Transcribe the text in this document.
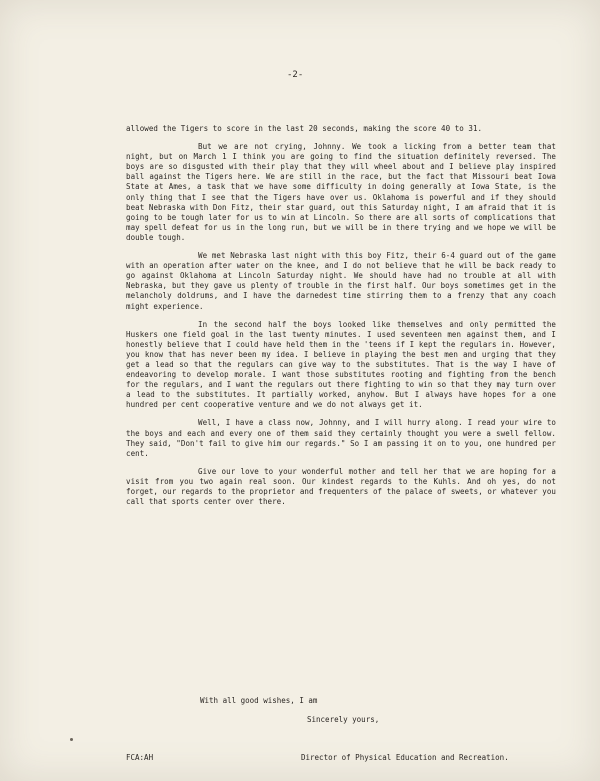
-2-

allowed the Tigers to score in the last 20 seconds, making the score 40 to 31.

But we are not crying, Johnny. We took a licking from a better team that night, but on March 1 I think you are going to find the situation definitely reversed. The boys are so disgusted with their play that they will wheel about and I believe play inspired ball against the Tigers here. We are still in the race, but the fact that Missouri beat Iowa State at Ames, a task that we have some difficulty in doing generally at Iowa State, is the only thing that I see that the Tigers have over us. Oklahoma is powerful and if they should beat Nebraska with Don Fitz, their star guard, out this Saturday night, I am afraid that it is going to be tough later for us to win at Lincoln. So there are all sorts of complications that may spell defeat for us in the long run, but we will be in there trying and we hope we will be double tough.

We met Nebraska last night with this boy Fitz, their 6-4 guard out of the game with an operation after water on the knee, and I do not believe that he will be back ready to go against Oklahoma at Lincoln Saturday night. We should have had no trouble at all with Nebraska, but they gave us plenty of trouble in the first half. Our boys sometimes get in the melancholy doldrums, and I have the darnedest time stirring them to a frenzy that any coach might experience.

In the second half the boys looked like themselves and only permitted the Huskers one field goal in the last twenty minutes. I used seventeen men against them, and I honestly believe that I could have held them in the 'teens if I kept the regulars in. However, you know that has never been my idea. I believe in playing the best men and urging that they get a lead so that the regulars can give way to the substitutes. That is the way I have of endeavoring to develop morale. I want those substitutes rooting and fighting from the bench for the regulars, and I want the regulars out there fighting to win so that they may turn over a lead to the substitutes. It partially worked, anyhow. But I always have hopes for a one hundred per cent cooperative venture and we do not always get it.

Well, I have a class now, Johnny, and I will hurry along. I read your wire to the boys and each and every one of them said they certainly thought you were a swell fellow. They said, "Don't fail to give him our regards." So I am passing it on to you, one hundred per cent.

Give our love to your wonderful mother and tell her that we are hoping for a visit from you two again real soon. Our kindest regards to the Kuhls. And oh yes, do not forget, our regards to the proprietor and frequenters of the palace of sweets, or whatever you call that sports center over there.

With all good wishes, I am
Sincerely yours,
FCA:AH	Director of Physical Education and Recreation.
